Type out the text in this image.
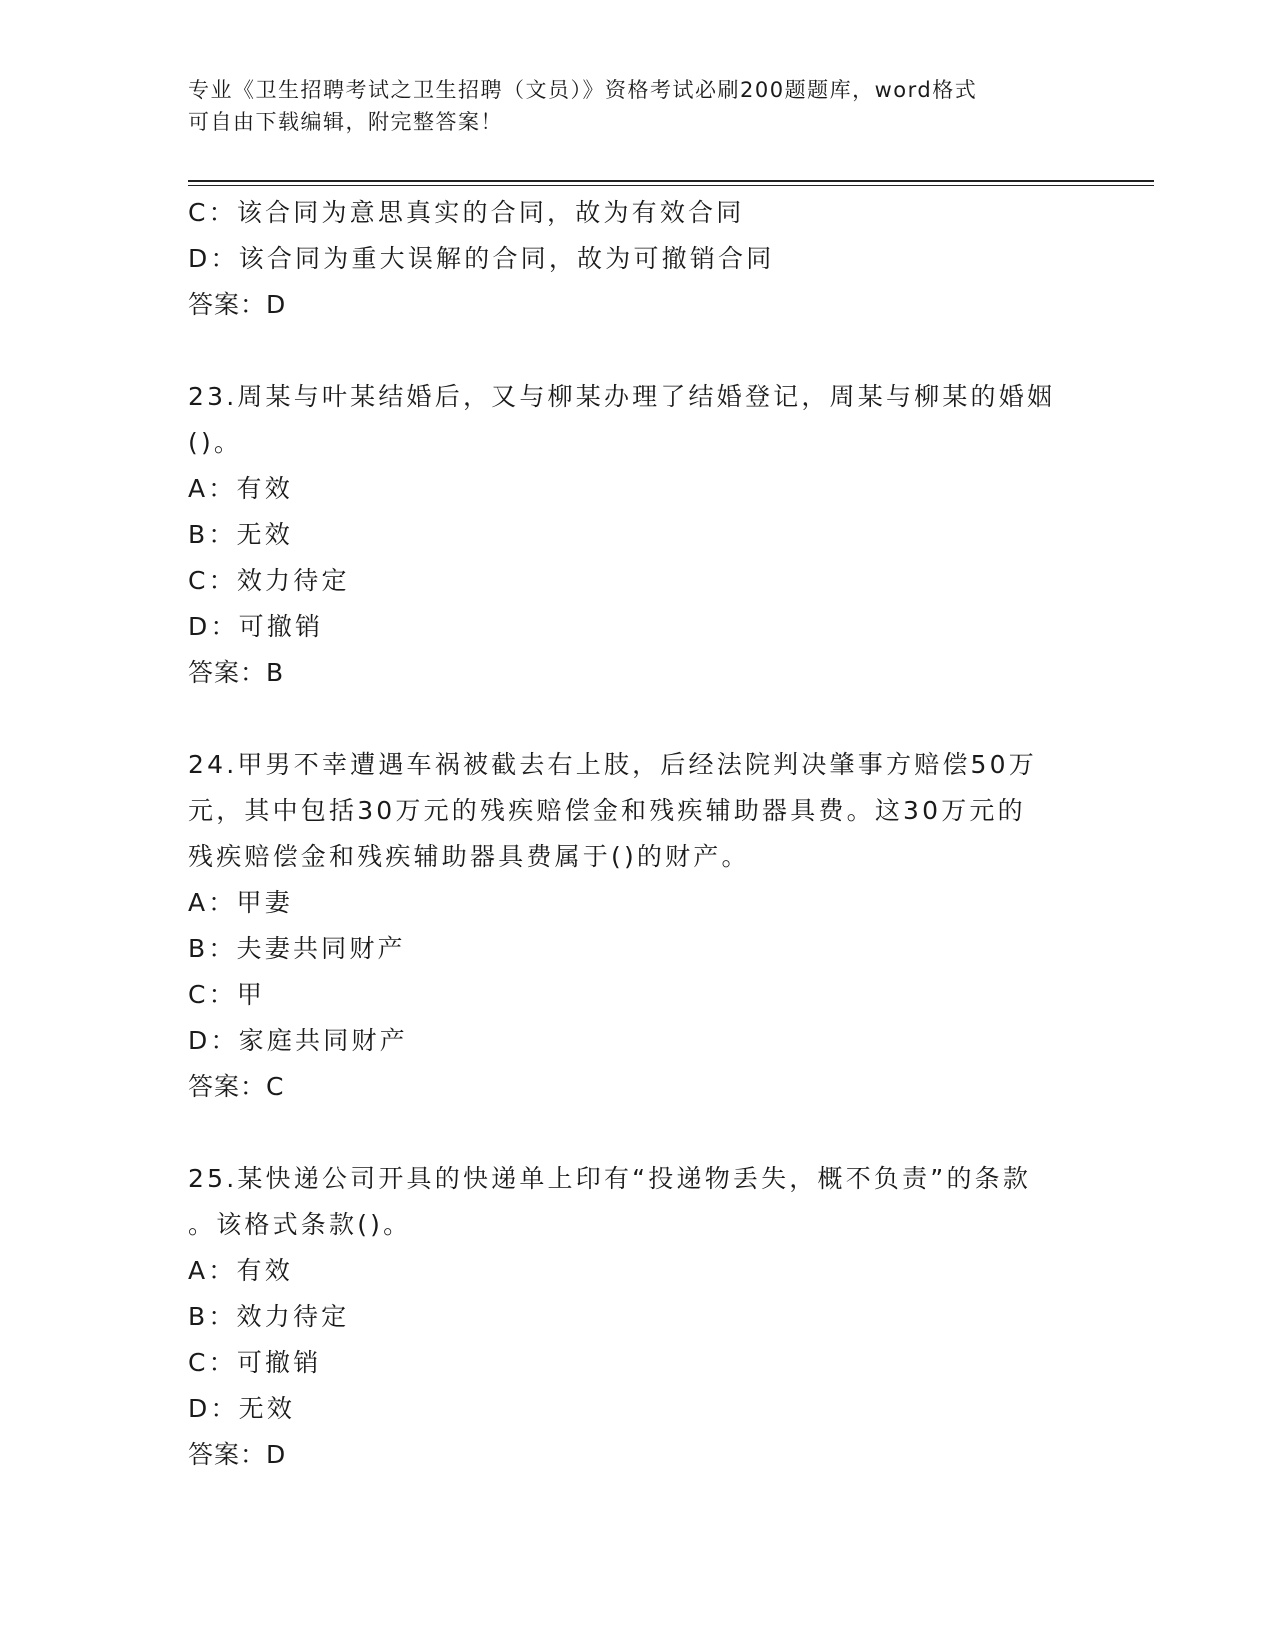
专业《卫生招聘考试之卫生招聘（文员）》资格考试必刷200题题库，word格式
可自由下载编辑，附完整答案！
C：该合同为意思真实的合同，故为有效合同
D：该合同为重大误解的合同，故为可撤销合同
答案：D
23.周某与叶某结婚后，又与柳某办理了结婚登记，周某与柳某的婚姻
()。
A：有效
B：无效
C：效力待定
D：可撤销
答案：B
24.甲男不幸遭遇车祸被截去右上肢，后经法院判决肇事方赔偿50万
元，其中包括30万元的残疾赔偿金和残疾辅助器具费。这30万元的
残疾赔偿金和残疾辅助器具费属于()的财产。
A：甲妻
B：夫妻共同财产
C：甲
D：家庭共同财产
答案：C
25.某快递公司开具的快递单上印有“投递物丢失，概不负责”的条款
。该格式条款()。
A：有效
B：效力待定
C：可撤销
D：无效
答案：D
